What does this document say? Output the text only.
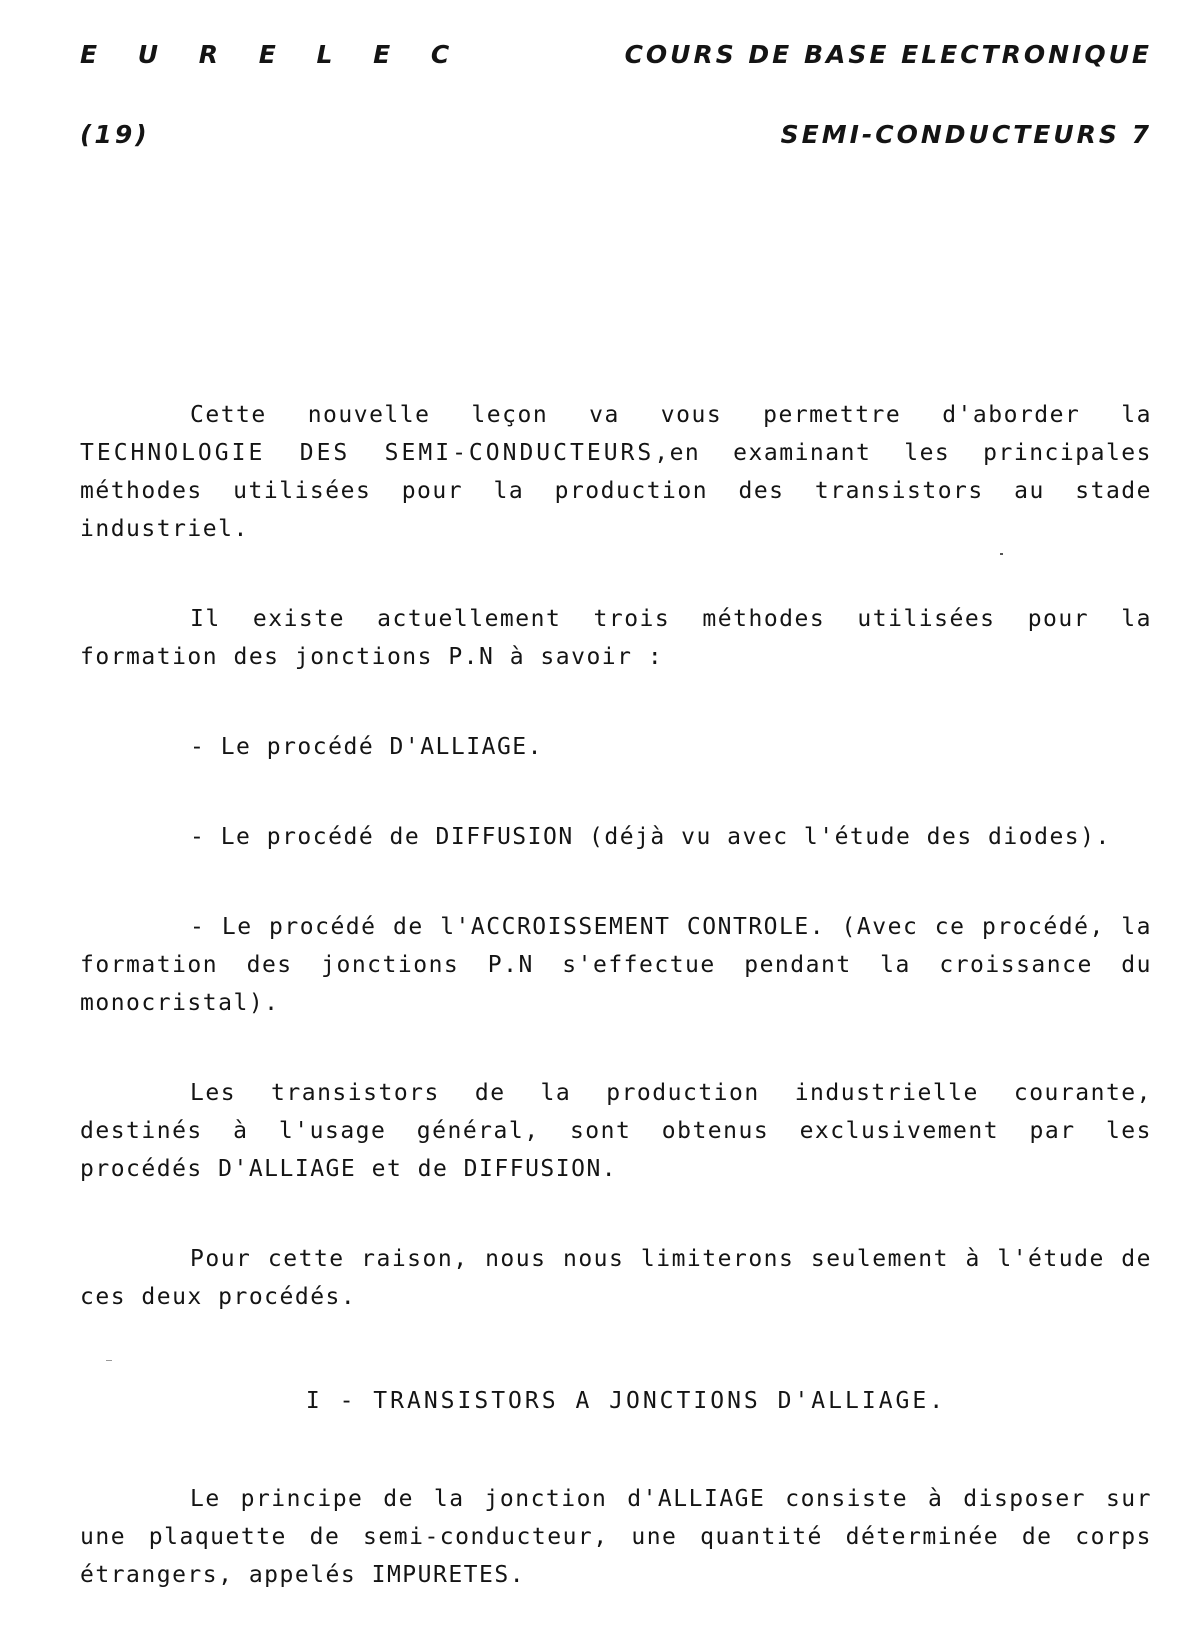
E U R E L E C	COURS DE BASE ELECTRONIQUE
(19)	SEMI-CONDUCTEURS 7

Cette nouvelle leçon va vous permettre d'aborder la TECHNOLOGIE DES SEMI-CONDUCTEURS,en examinant les principales méthodes utilisées pour la production des transistors au stade industriel.

Il existe actuellement trois méthodes utilisées pour la formation des jonctions P.N à savoir :

- Le procédé D'ALLIAGE.

- Le procédé de DIFFUSION (déjà vu avec l'étude des diodes).

- Le procédé de l'ACCROISSEMENT CONTROLE. (Avec ce procédé, la formation des jonctions P.N s'effectue pendant la croissance du monocristal).

Les transistors de la production industrielle courante, destinés à l'usage général, sont obtenus exclusivement par les procédés D'ALLIAGE et de DIFFUSION.

Pour cette raison, nous nous limiterons seulement à l'étude de ces deux procédés.

I - TRANSISTORS A JONCTIONS D'ALLIAGE.

Le principe de la jonction d'ALLIAGE consiste à disposer sur une plaquette de semi-conducteur, une quantité déterminée de corps étrangers, appelés IMPURETES.
